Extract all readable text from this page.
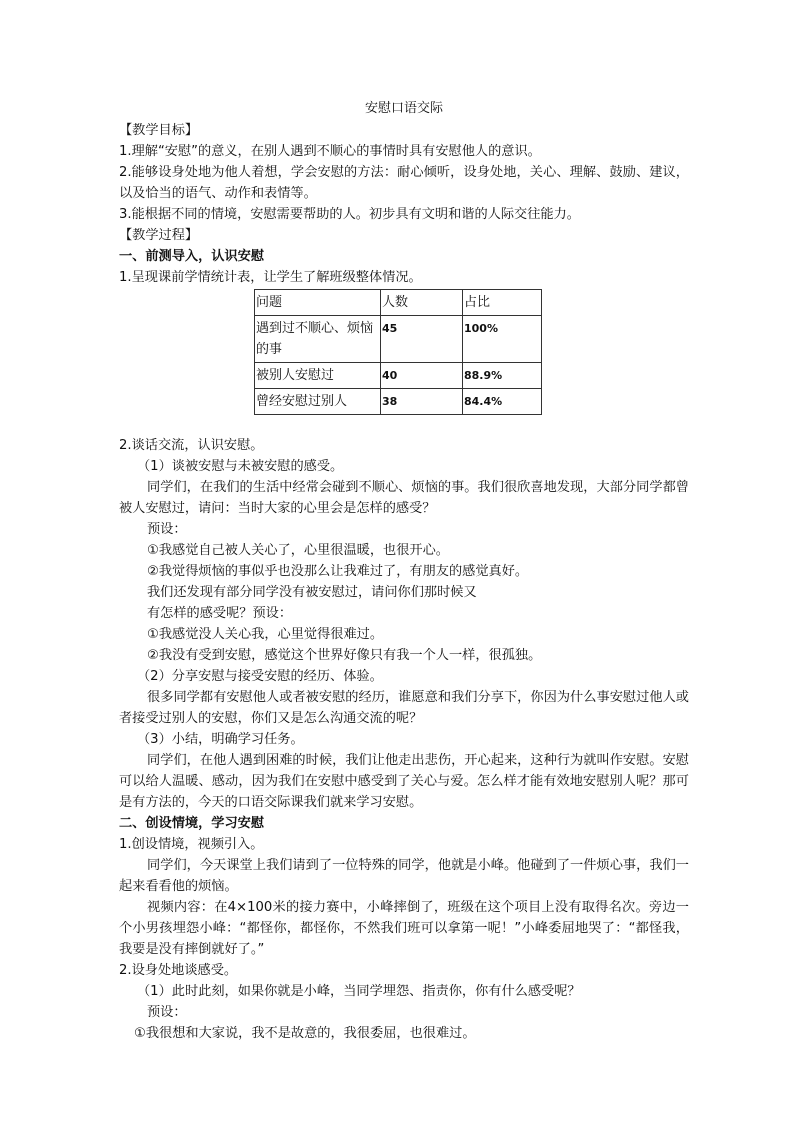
安慰口语交际
【教学目标】
1.理解“安慰”的意义，在别人遇到不顺心的事情时具有安慰他人的意识。
2.能够设身处地为他人着想，学会安慰的方法：耐心倾听，设身处地，关心、理解、鼓励、建议，以及恰当的语气、动作和表情等。
3.能根据不同的情境，安慰需要帮助的人。初步具有文明和谐的人际交往能力。
【教学过程】
一、前测导入，认识安慰
1.呈现课前学情统计表，让学生了解班级整体情况。
问题	人数	占比
遇到过不顺心、烦恼的事	45	100%
被别人安慰过	40	88.9%
曾经安慰过别人	38	84.4%
2.谈话交流，认识安慰。
（1）谈被安慰与未被安慰的感受。
同学们，在我们的生活中经常会碰到不顺心、烦恼的事。我们很欣喜地发现，大部分同学都曾被人安慰过，请问：当时大家的心里会是怎样的感受？
预设：
①我感觉自己被人关心了，心里很温暖，也很开心。
②我觉得烦恼的事似乎也没那么让我难过了，有朋友的感觉真好。
我们还发现有部分同学没有被安慰过，请问你们那时候又
有怎样的感受呢？预设：
①我感觉没人关心我，心里觉得很难过。
②我没有受到安慰，感觉这个世界好像只有我一个人一样，很孤独。
（2）分享安慰与接受安慰的经历、体验。
很多同学都有安慰他人或者被安慰的经历，谁愿意和我们分享下，你因为什么事安慰过他人或者接受过别人的安慰，你们又是怎么沟通交流的呢？
（3）小结，明确学习任务。
同学们，在他人遇到困难的时候，我们让他走出悲伤，开心起来，这种行为就叫作安慰。安慰可以给人温暖、感动，因为我们在安慰中感受到了关心与爱。怎么样才能有效地安慰别人呢？那可是有方法的，今天的口语交际课我们就来学习安慰。
二、创设情境，学习安慰
1.创设情境，视频引入。
同学们，今天课堂上我们请到了一位特殊的同学，他就是小峰。他碰到了一件烦心事，我们一起来看看他的烦恼。
视频内容：在4×100米的接力赛中，小峰摔倒了，班级在这个项目上没有取得名次。旁边一个小男孩埋怨小峰：“都怪你，都怪你，不然我们班可以拿第一呢！”小峰委屈地哭了：“都怪我，我要是没有摔倒就好了。”
2.设身处地谈感受。
（1）此时此刻，如果你就是小峰，当同学埋怨、指责你，你有什么感受呢？
预设：
①我很想和大家说，我不是故意的，我很委屈，也很难过。
